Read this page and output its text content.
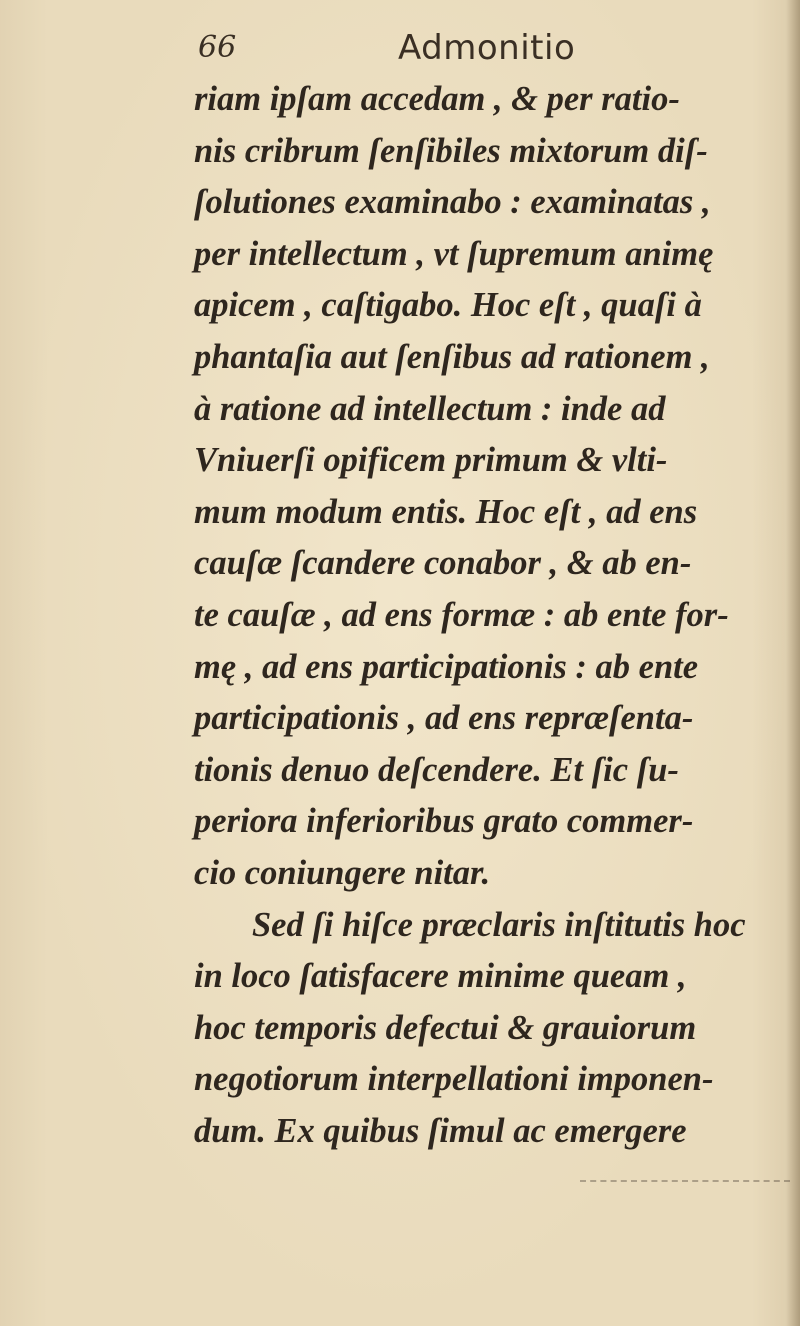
66	Admonitio

riam ipſam accedam , & per ratio-
nis cribrum ſenſibiles mixtorum diſ-
ſolutiones examinabo : examinatas ,
per intellectum , vt ſupremum animę
apicem , caſtigabo. Hoc eſt , quaſi à
phantaſia aut ſenſibus ad rationem ,
à ratione ad intellectum : inde ad
Vniuerſi opificem primum & vlti-
mum modum entis. Hoc eſt , ad ens
cauſæ ſcandere conabor , & ab en-
te cauſæ , ad ens formæ : ab ente for-
mę , ad ens participationis : ab ente
participationis , ad ens repræſenta-
tionis denuo deſcendere. Et ſic ſu-
periora inferioribus grato commer-
cio coniungere nitar.
Sed ſi hiſce præclaris inſtitutis hoc
in loco ſatisfacere minime queam ,
hoc temporis defectui & grauiorum
negotiorum interpellationi imponen-
dum. Ex quibus ſimul ac emergere
